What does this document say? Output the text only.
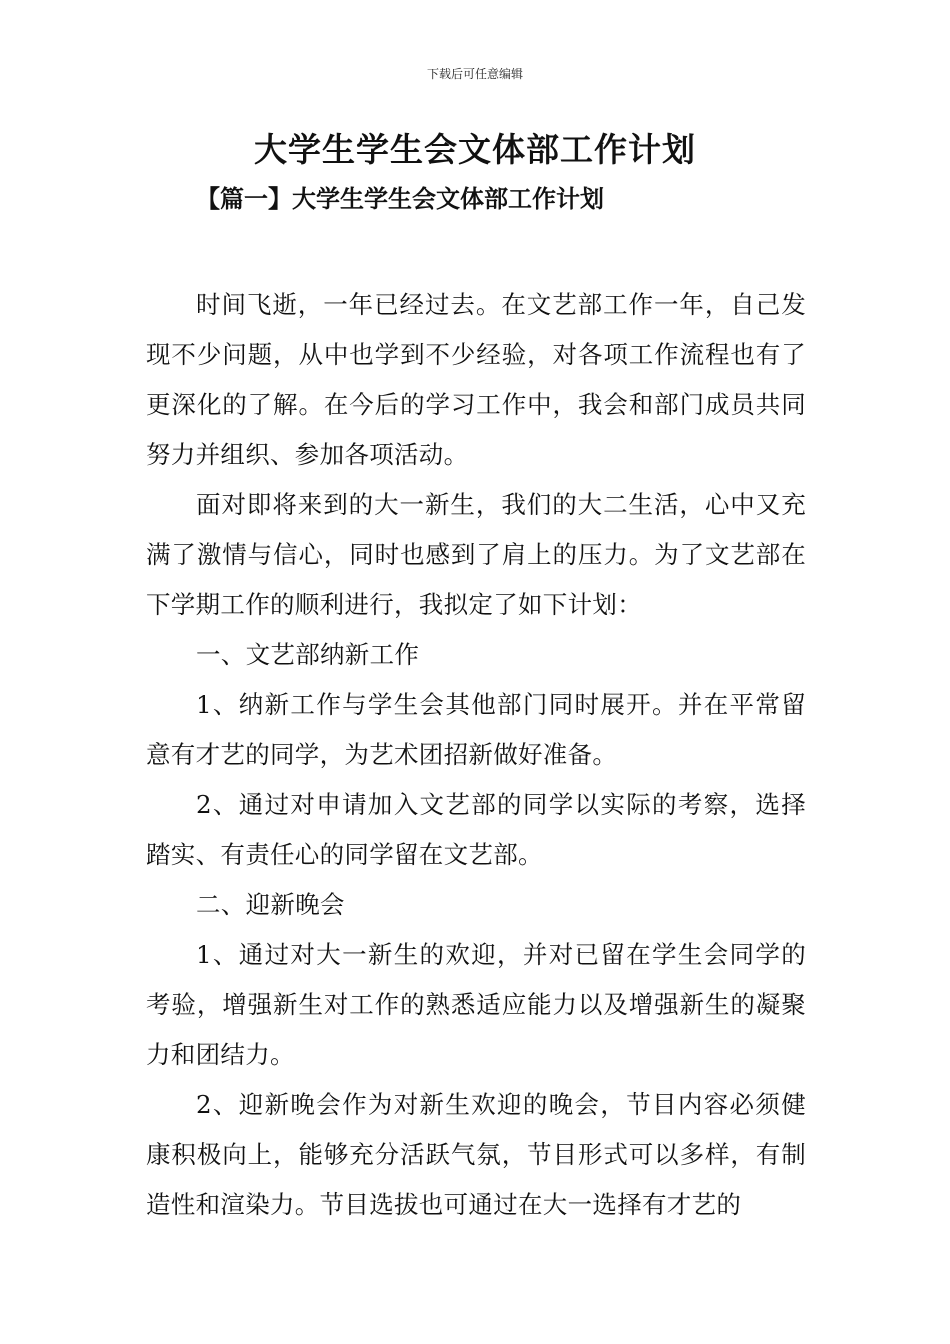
下载后可任意编辑
大学生学生会文体部工作计划
【篇一】大学生学生会文体部工作计划

时间飞逝，一年已经过去。在文艺部工作一年，自己发现不少问题，从中也学到不少经验，对各项工作流程也有了更深化的了解。在今后的学习工作中，我会和部门成员共同努力并组织、参加各项活动。

面对即将来到的大一新生，我们的大二生活，心中又充满了激情与信心，同时也感到了肩上的压力。为了文艺部在下学期工作的顺利进行，我拟定了如下计划：

一、文艺部纳新工作

1、纳新工作与学生会其他部门同时展开。并在平常留意有才艺的同学，为艺术团招新做好准备。

2、通过对申请加入文艺部的同学以实际的考察，选择踏实、有责任心的同学留在文艺部。

二、迎新晚会

1、通过对大一新生的欢迎，并对已留在学生会同学的考验，增强新生对工作的熟悉适应能力以及增强新生的凝聚力和团结力。

2、迎新晚会作为对新生欢迎的晚会，节目内容必须健康积极向上，能够充分活跃气氛，节目形式可以多样，有制造性和渲染力。节目选拔也可通过在大一选择有才艺的
